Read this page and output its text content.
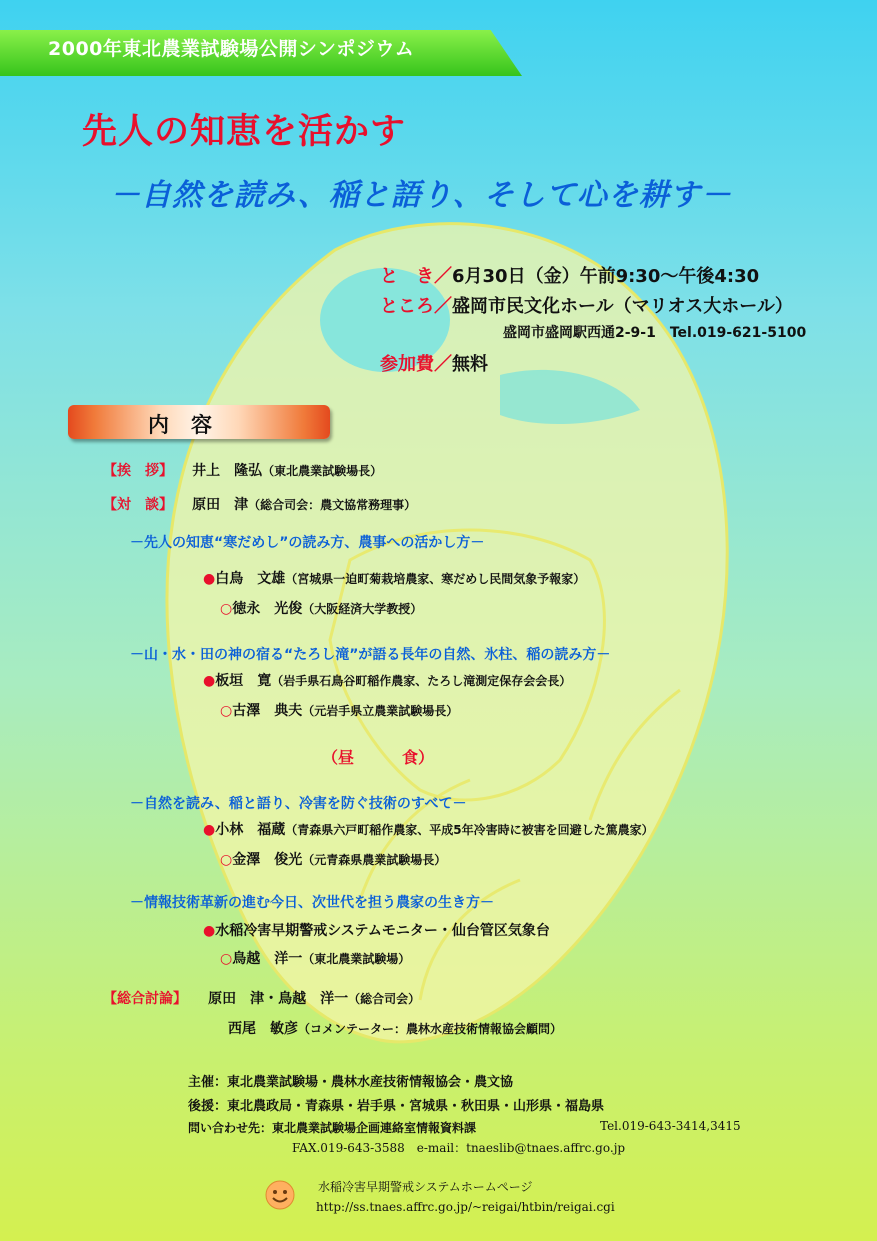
2000年東北農業試験場公開シンポジウム
先人の知恵を活かす
－自然を読み、稲と語り、そして心を耕す－
と　き／6月30日（金）午前9:30～午後4:30
ところ／盛岡市民文化ホール（マリオス大ホール）
盛岡市盛岡駅西通2-9-1　Tel.019-621-5100
参加費／無料
内容
【挨　拶】 井上　隆弘（東北農業試験場長）
【対　談】 原田　津（総合司会：農文協常務理事）
－先人の知恵“寒だめし”の読み方、農事への活かし方－
●白鳥　文雄（宮城県一迫町菊栽培農家、寒だめし民間気象予報家）
○徳永　光俊（大阪経済大学教授）
－山・水・田の神の宿る“たろし滝”が語る長年の自然、氷柱、稲の読み方－
●板垣　寛（岩手県石鳥谷町稲作農家、たろし滝測定保存会会長）
○古澤　典夫（元岩手県立農業試験場長）
（昼　　　食）
－自然を読み、稲と語り、冷害を防ぐ技術のすべて－
●小林　福蔵（青森県六戸町稲作農家、平成5年冷害時に被害を回避した篤農家）
○金澤　俊光（元青森県農業試験場長）
－情報技術革新の進む今日、次世代を担う農家の生き方－
●水稲冷害早期警戒システムモニター・仙台管区気象台
○鳥越　洋一（東北農業試験場）
【総合討論】 原田　津・鳥越　洋一（総合司会）
西尾　敏彦（コメンテーター：農林水産技術情報協会顧問）
主催：東北農業試験場・農林水産技術情報協会・農文協
後援：東北農政局・青森県・岩手県・宮城県・秋田県・山形県・福島県
問い合わせ先：東北農業試験場企画連絡室情報資料課	Tel.019-643-3414,3415
FAX.019-643-3588　e-mail：tnaeslib@tnaes.affrc.go.jp
水稲冷害早期警戒システムホームページ
http://ss.tnaes.affrc.go.jp/~reigai/htbin/reigai.cgi
